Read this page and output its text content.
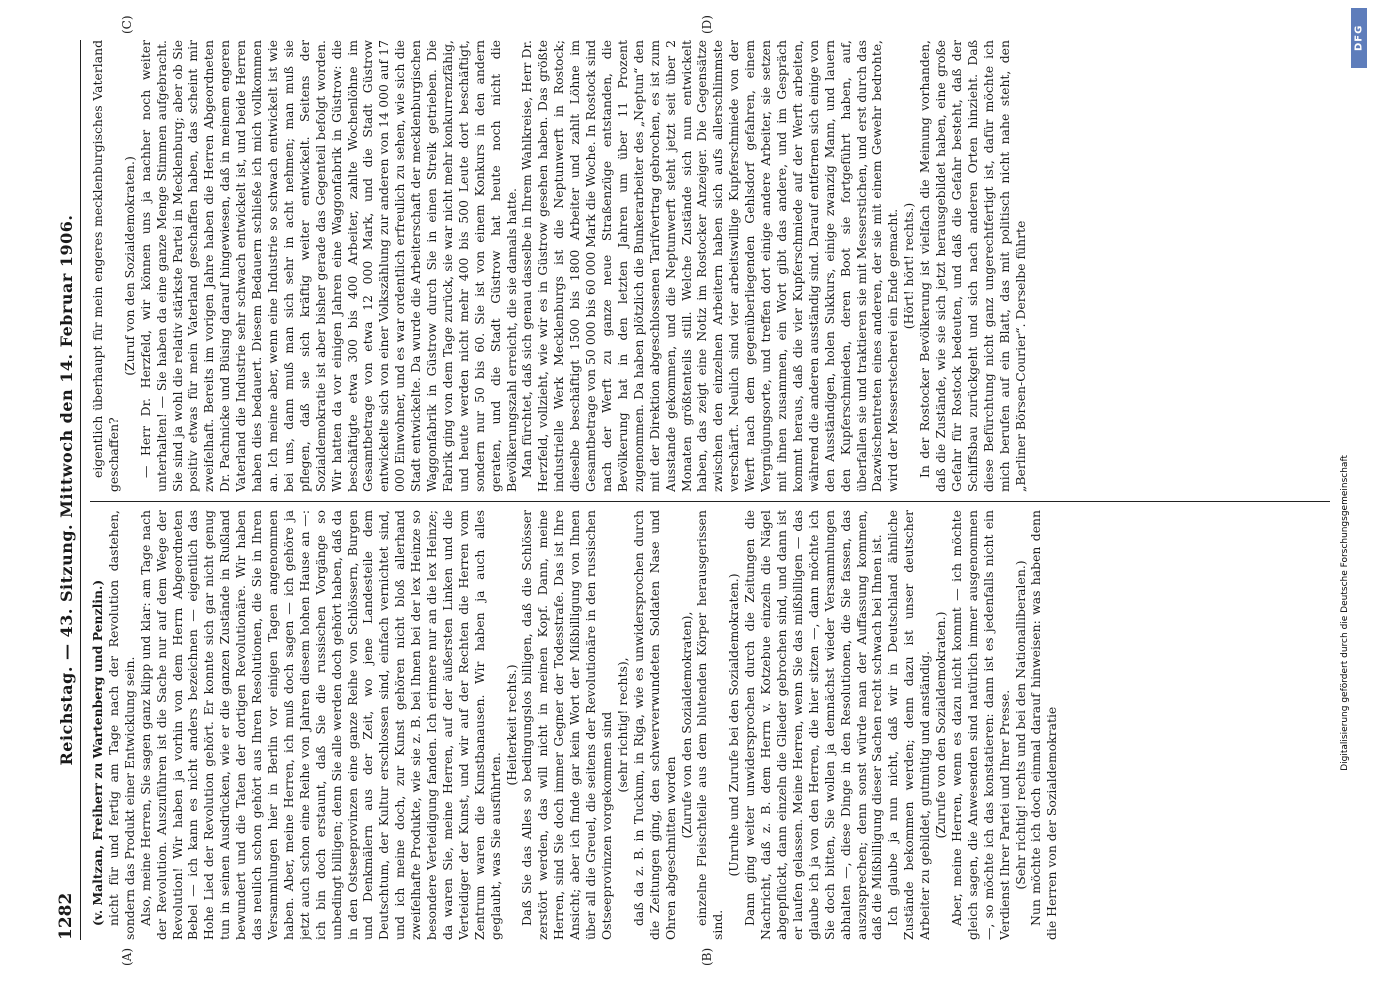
1282
Reichstag. — 43. Sitzung. Mittwoch den 14. Februar 1906.
(A)	(B)
(C)	(D)

(v. Maltzan, Freiherr zu Wartenberg und Penzlin.) nicht für und fertig am Tage nach der Revolution dastehen, sondern das Produkt einer Entwicklung sein. Also, meine Herren, Sie sagen ganz klipp und klar: am Tage nach der Revolution. Auszuführen ist die Sache nur auf dem Wege der Revolution! Wir haben ja vorhin von dem Herrn Abgeordneten Bebel — ich kann es nicht anders bezeichnen — eigentlich das Hohe Lied der Revolution gehört. Er konnte sich gar nicht genug tun in seinen Ausdrücken, wie er die ganzen Zustände in Rußland bewundert und die Taten der dortigen Revolutionäre. Wir haben das neulich schon gehört aus Ihren Resolutionen, die Sie in Ihren Versammlungen hier in Berlin vor einigen Tagen angenommen haben. Aber, meine Herren, ich muß doch sagen — ich gehöre ja jetzt auch schon eine Reihe von Jahren diesem hohen Hause an —: ich bin doch erstaunt, daß Sie die russischen Vorgänge so unbedingt billigen; denn Sie alle werden doch gehört haben, daß da in den Ostseeprovinzen eine ganze Reihe von Schlössern, Burgen und Denkmälern aus der Zeit, wo jene Landesteile dem Deutschtum, der Kultur erschlossen sind, einfach vernichtet sind, und ich meine doch, zur Kunst gehören nicht bloß allerhand zweifelhafte Produkte, wie sie z. B. bei Ihnen bei der lex Heinze so besondere Verteidigung fanden. Ich erinnere nur an die lex Heinze; da waren Sie, meine Herren, auf der äußersten Linken und die Verteidiger der Kunst, und wir auf der Rechten die Herren vom Zentrum waren die Kunstbanausen. Wir haben ja auch alles geglaubt, was Sie ausführten.

(Heiterkeit rechts.) Daß Sie das Alles so bedingungslos billigen, daß die Schlösser zerstört werden, das will nicht in meinen Kopf. Dann, meine Herren, sind Sie doch immer Gegner der Todesstrafe. Das ist Ihre Ansicht; aber ich finde gar kein Wort der Mißbilligung von Ihnen über all die Greuel, die seitens der Revolutionäre in den russischen Ostseeprovinzen vorgekommen sind (sehr richtig! rechts), daß da z. B. in Tuckum, in Riga, wie es unwidersprochen durch die Zeitungen ging, den schwerverwundeten Soldaten Nase und Ohren abgeschnitten worden

(Zurufe von den Sozialdemokraten), einzelne Fleischteile aus dem blutenden Körper herausgerissen sind.

(Unruhe und Zurufe bei den Sozialdemokraten.) Dann ging weiter unwidersprochen durch die Zeitungen die Nachricht, daß z. B. dem Herrn v. Kotzebue einzeln die Nägel abgepflückt, dann einzeln die Glieder gebrochen sind, und dann ist er laufen gelassen. Meine Herren, wenn Sie das mißbilligen — das glaube ich ja von den Herren, die hier sitzen —, dann möchte ich Sie doch bitten, Sie wollen ja demnächst wieder Versammlungen abhalten —, diese Dinge in den Resolutionen, die Sie fassen, das auszusprechen; denn sonst würde man der Auffassung kommen, daß die Mißbilligung dieser Sachen recht schwach bei Ihnen ist. Ich glaube ja nun nicht, daß wir in Deutschland ähnliche Zustände bekommen werden; denn dazu ist unser deutscher Arbeiter zu gebildet, gutmütig und anständig. (Zurufe von den Sozialdemokraten.) Aber, meine Herren, wenn es dazu nicht kommt — ich möchte gleich sagen, die Anwesenden sind natürlich immer ausgenommen —, so möchte ich das konstatieren: dann ist es jedenfalls nicht ein Verdienst Ihrer Partei und Ihrer Presse. (Sehr richtig! rechts und bei den Nationalliberalen.) Nun möchte ich doch einmal darauf hinweisen: was haben denn die Herren von der Sozialdemokratie

eigentlich überhaupt für mein engeres mecklenburgisches Vaterland geschaffen?

(Zuruf von den Sozialdemokraten.) — Herr Dr. Herzfeld, wir können uns ja nachher noch weiter unterhalten! — Sie haben da eine ganze Menge Stimmen aufgebracht. Sie sind ja wohl die relativ stärkste Partei in Mecklenburg; aber ob Sie positiv etwas für mein Vaterland geschaffen haben, das scheint mir zweifelhaft. Bereits im vorigen Jahre haben die Herren Abgeordneten Dr. Pachnicke und Büsing darauf hingewiesen, daß in meinem engeren Vaterland die Industrie sehr schwach entwickelt ist, und beide Herren haben dies bedauert. Diesem Bedauern schließe ich mich vollkommen an. Ich meine aber, wenn eine Industrie so schwach entwickelt ist wie bei uns, dann muß man sich sehr in acht nehmen; man muß sie pflegen, daß sie sich kräftig weiter entwickelt. Seitens der Sozialdemokratie ist aber bisher gerade das Gegenteil befolgt worden. Wir hatten da vor einigen Jahren eine Waggonfabrik in Güstrow: die beschäftigte etwa 300 bis 400 Arbeiter, zahlte Wochenlöhne im Gesamtbetrage von etwa 12 000 Mark, und die Stadt Güstrow entwickelte sich von einer Volkszählung zur anderen von 14 000 auf 17 000 Einwohner, und es war ordentlich erfreulich zu sehen, wie sich die Stadt entwickelte. Da wurde die Arbeiterschaft der mecklenburgischen Waggonfabrik in Güstrow durch Sie in einen Streik getrieben. Die Fabrik ging von dem Tage zurück, sie war nicht mehr konkurrenzfähig, und heute werden nicht mehr 400 bis 500 Leute dort beschäftigt, sondern nur 50 bis 60. Sie ist von einem Konkurs in den andern geraten, und die Stadt Güstrow hat heute noch nicht die Bevölkerungszahl erreicht, die sie damals hatte. Man fürchtet, daß sich genau dasselbe in Ihrem Wahlkreise, Herr Dr. Herzfeld, vollzieht, wie wir es in Güstrow gesehen haben. Das größte industrielle Werk Mecklenburgs ist die Neptunwerft in Rostock; dieselbe beschäftigt 1500 bis 1800 Arbeiter und zahlt Löhne im Gesamtbetrage von 50 000 bis 60 000 Mark die Woche. In Rostock sind nach der Werft zu ganze neue Straßenzüge entstanden, die Bevölkerung hat in den letzten Jahren um über 11 Prozent zugenommen. Da haben plötzlich die Bunkerarbeiter des „Neptun“ den mit der Direktion abgeschlossenen Tarifvertrag gebrochen, es ist zum Ausstande gekommen, und die Neptunwerft steht jetzt seit über 2 Monaten größtenteils still. Welche Zustände sich nun entwickelt haben, das zeigt eine Notiz im Rostocker Anzeiger. Die Gegensätze zwischen den einzelnen Arbeitern haben sich aufs allerschlimmste verschärft. Neulich sind vier arbeitswillige Kupferschmiede von der Werft nach dem gegenüberliegenden Gehlsdorf gefahren, einem Vergnügungsorte, und treffen dort einige andere Arbeiter, sie setzen mit ihnen zusammen, ein Wort gibt das andere, und im Gespräch kommt heraus, daß die vier Kupferschmiede auf der Werft arbeiten, während die anderen ausständig sind. Darauf entfernen sich einige von den Ausständigen, holen Sukkurs, einige zwanzig Mann, und lauern den Kupferschmieden, deren Boot sie fortgeführt haben, auf, überfallen sie und traktieren sie mit Messerstichen, und erst durch das Dazwischentreten eines anderen, der sie mit einem Gewehr bedrohte, wird der Messerstecherei ein Ende gemacht. (Hört! hört! rechts.) In der Rostocker Bevölkerung ist vielfach die Meinung vorhanden, daß die Zustände, wie sie sich jetzt herausgebildet haben, eine große Gefahr für Rostock bedeuten, und daß die Gefahr besteht, daß der Schiffsbau zurückgeht und sich nach anderen Orten hinzieht. Daß diese Befürchtung nicht ganz ungerechtfertigt ist, dafür möchte ich mich berufen auf ein Blatt, das mit politisch nicht nahe steht, den „Berliner Börsen-Courier“. Derselbe führte

DFG
Digitalisierung gefördert durch die Deutsche Forschungsgemeinschaft
